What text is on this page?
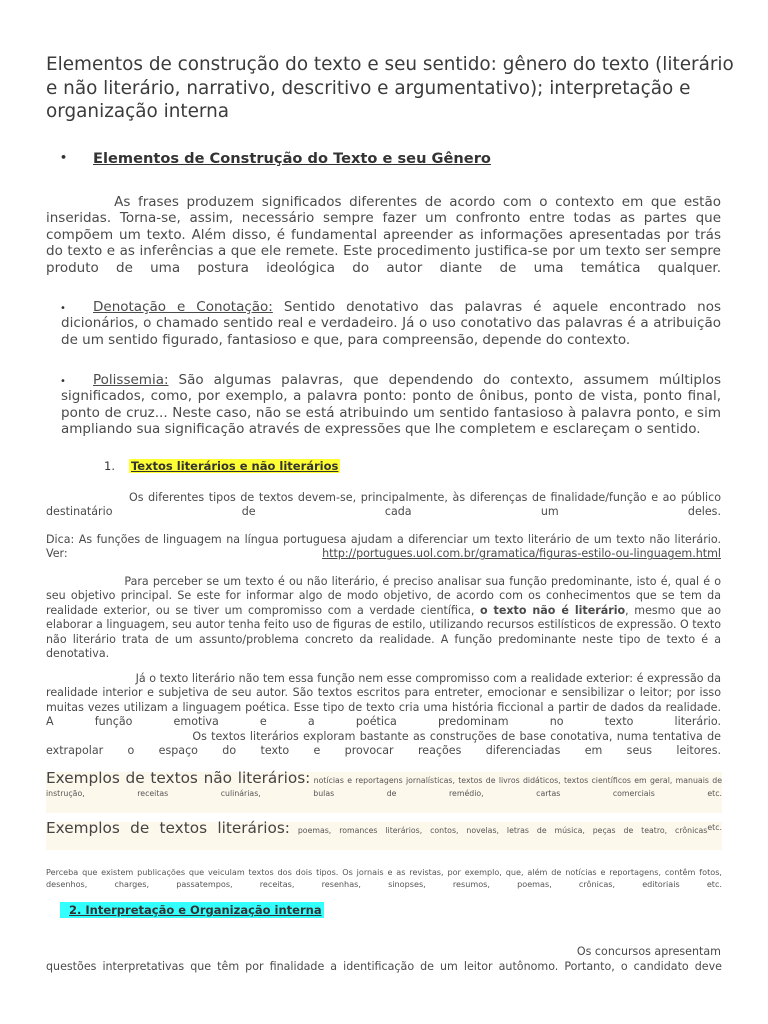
Elementos de construção do texto e seu sentido: gênero do texto (literário e não literário, narrativo, descritivo e argumentativo); interpretação e organização interna
• Elementos de Construção do Texto e seu Gênero

As frases produzem significados diferentes de acordo com o contexto em que estão inseridas. Torna-se, assim, necessário sempre fazer um confronto entre todas as partes que compõem um texto. Além disso, é fundamental apreender as informações apresentadas por trás do texto e as inferências a que ele remete. Este procedimento justifica-se por um texto ser sempre produto de uma postura ideológica do autor diante de uma temática qualquer.

• Denotação e Conotação: Sentido denotativo das palavras é aquele encontrado nos dicionários, o chamado sentido real e verdadeiro. Já o uso conotativo das palavras é a atribuição de um sentido figurado, fantasioso e que, para compreensão, depende do contexto.

• Polissemia: São algumas palavras, que dependendo do contexto, assumem múltiplos significados, como, por exemplo, a palavra ponto: ponto de ônibus, ponto de vista, ponto final, ponto de cruz... Neste caso, não se está atribuindo um sentido fantasioso à palavra ponto, e sim ampliando sua significação através de expressões que lhe completem e esclareçam o sentido.

1. Textos literários e não literários

Os diferentes tipos de textos devem-se, principalmente, às diferenças de finalidade/função e ao público destinatário de cada um deles.

Dica: As funções de linguagem na língua portuguesa ajudam a diferenciar um texto literário de um texto não literário. Ver: http://portugues.uol.com.br/gramatica/figuras-estilo-ou-linguagem.html

Para perceber se um texto é ou não literário, é preciso analisar sua função predominante, isto é, qual é o seu objetivo principal. Se este for informar algo de modo objetivo, de acordo com os conhecimentos que se tem da realidade exterior, ou se tiver um compromisso com a verdade científica, o texto não é literário, mesmo que ao elaborar a linguagem, seu autor tenha feito uso de figuras de estilo, utilizando recursos estilísticos de expressão. O texto não literário trata de um assunto/problema concreto da realidade. A função predominante neste tipo de texto é a denotativa.

Já o texto literário não tem essa função nem esse compromisso com a realidade exterior: é expressão da realidade interior e subjetiva de seu autor. São textos escritos para entreter, emocionar e sensibilizar o leitor; por isso muitas vezes utilizam a linguagem poética. Esse tipo de texto cria uma história ficcional a partir de dados da realidade. A função emotiva e a poética predominam no texto literário.

Os textos literários exploram bastante as construções de base conotativa, numa tentativa de extrapolar o espaço do texto e provocar reações diferenciadas em seus leitores.

Exemplos de textos não literários: notícias e reportagens jornalísticas, textos de livros didáticos, textos científicos em geral, manuais de instrução, receitas culinárias, bulas de remédio, cartas comerciais etc.
Exemplos de textos literários: poemas, romances literários, contos, novelas, letras de música, peças de teatro, crônicas etc.

Perceba que existem publicações que veiculam textos dos dois tipos. Os jornais e as revistas, por exemplo, que, além de notícias e reportagens, contêm fotos, desenhos, charges, passatempos, receitas, resenhas, sinopses, resumos, poemas, crônicas, editoriais etc.

2. Interpretação e Organização interna
Os concursos apresentam
questões interpretativas que têm por finalidade a identificação de um leitor autônomo. Portanto, o candidato deve
